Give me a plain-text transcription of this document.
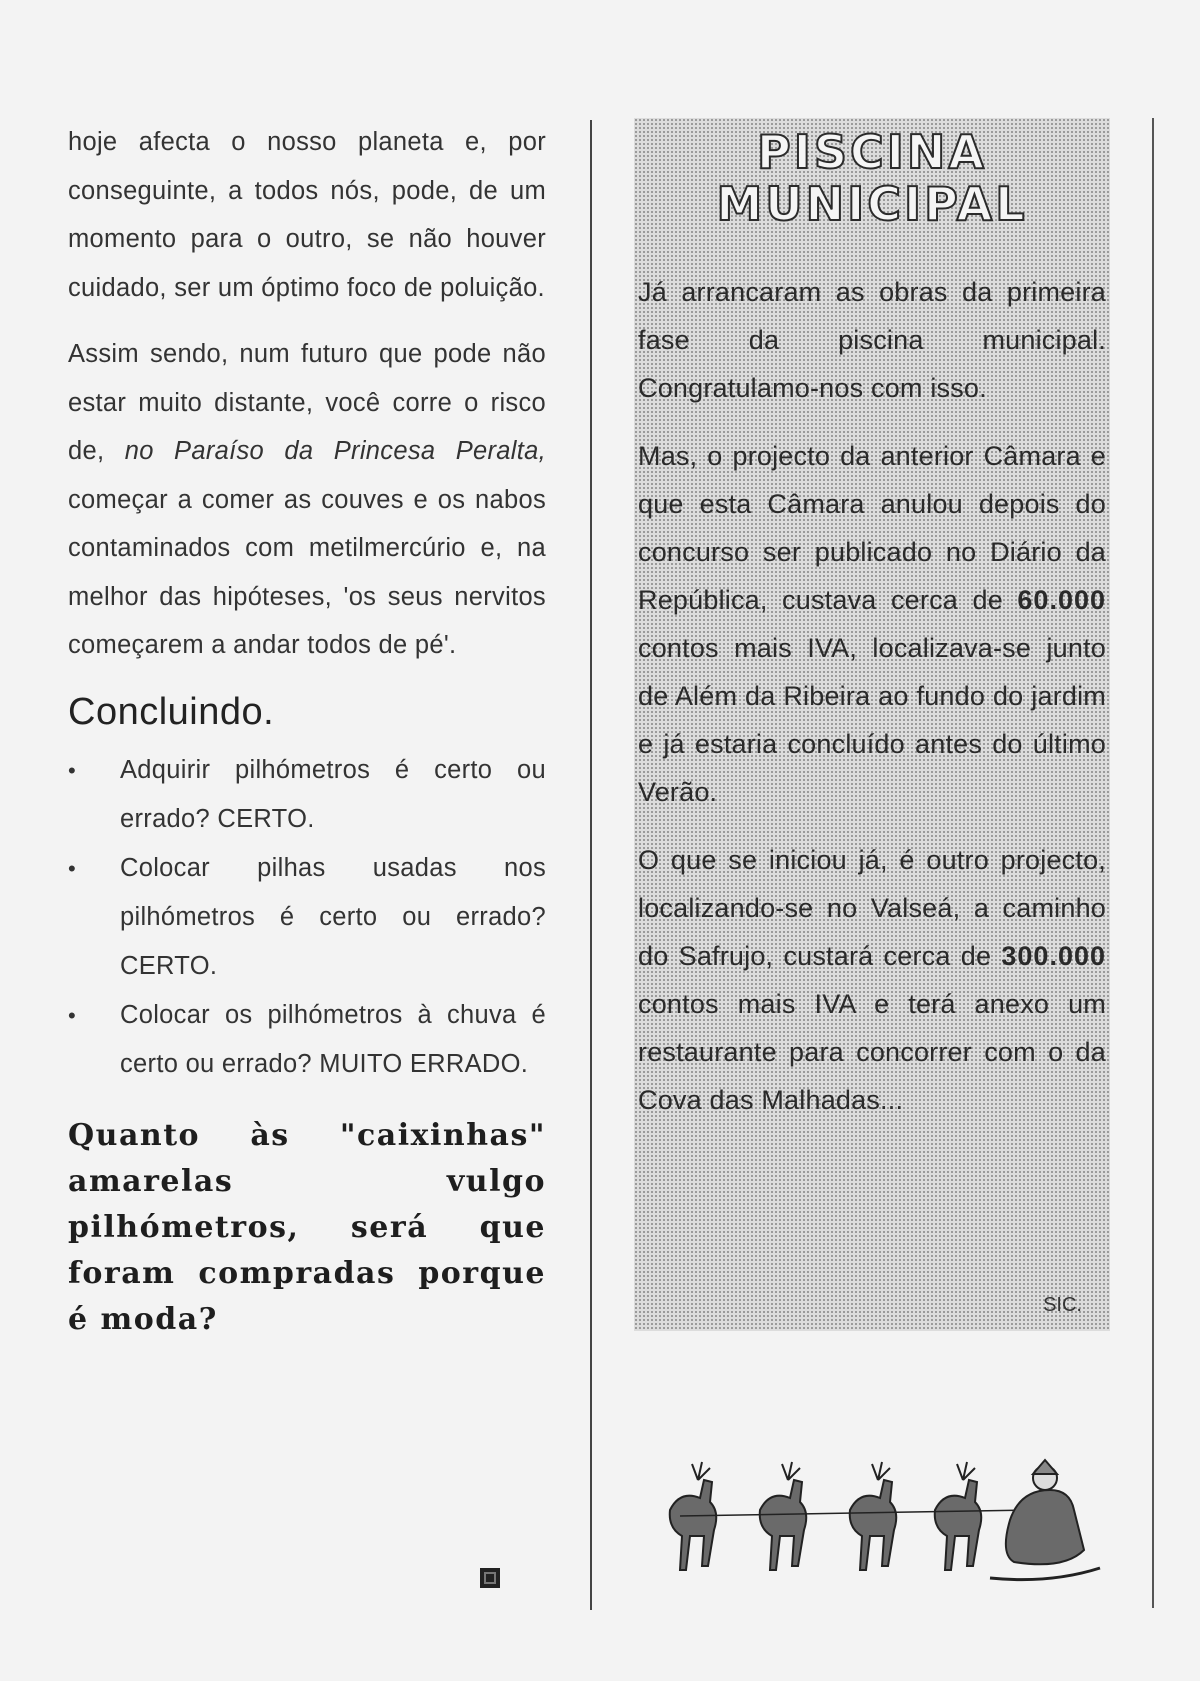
hoje afecta o nosso planeta e, por conseguinte, a todos nós, pode, de um momento para o outro, se não houver cuidado, ser um óptimo foco de poluição.

Assim sendo, num futuro que pode não estar muito distante, você corre o risco de, no Paraíso da Princesa Peralta, começar a comer as couves e os nabos contaminados com metilmercúrio e, na melhor das hipóteses, 'os seus nervitos começarem a andar todos de pé'.

Concluindo.
• Adquirir pilhómetros é certo ou errado? CERTO.
• Colocar pilhas usadas nos pilhómetros é certo ou errado? CERTO.
• Colocar os pilhómetros à chuva é certo ou errado? MUITO ERRADO.
Quanto às "caixinhas" amarelas vulgo pilhómetros, será que foram compradas porque é moda?
PISCINA
MUNICIPAL

Já arrancaram as obras da primeira fase da piscina municipal. Congratulamo-nos com isso.

Mas, o projecto da anterior Câmara e que esta Câmara anulou depois do concurso ser publicado no Diário da República, custava cerca de 60.000 contos mais IVA, localizava-se junto de Além da Ribeira ao fundo do jardim e já estaria concluído antes do último Verão.

O que se iniciou já, é outro projecto, localizando-se no Valseá, a caminho do Safrujo, custará cerca de 300.000 contos mais IVA e terá anexo um restaurante para concorrer com o da Cova das Malhadas...

SIC.
